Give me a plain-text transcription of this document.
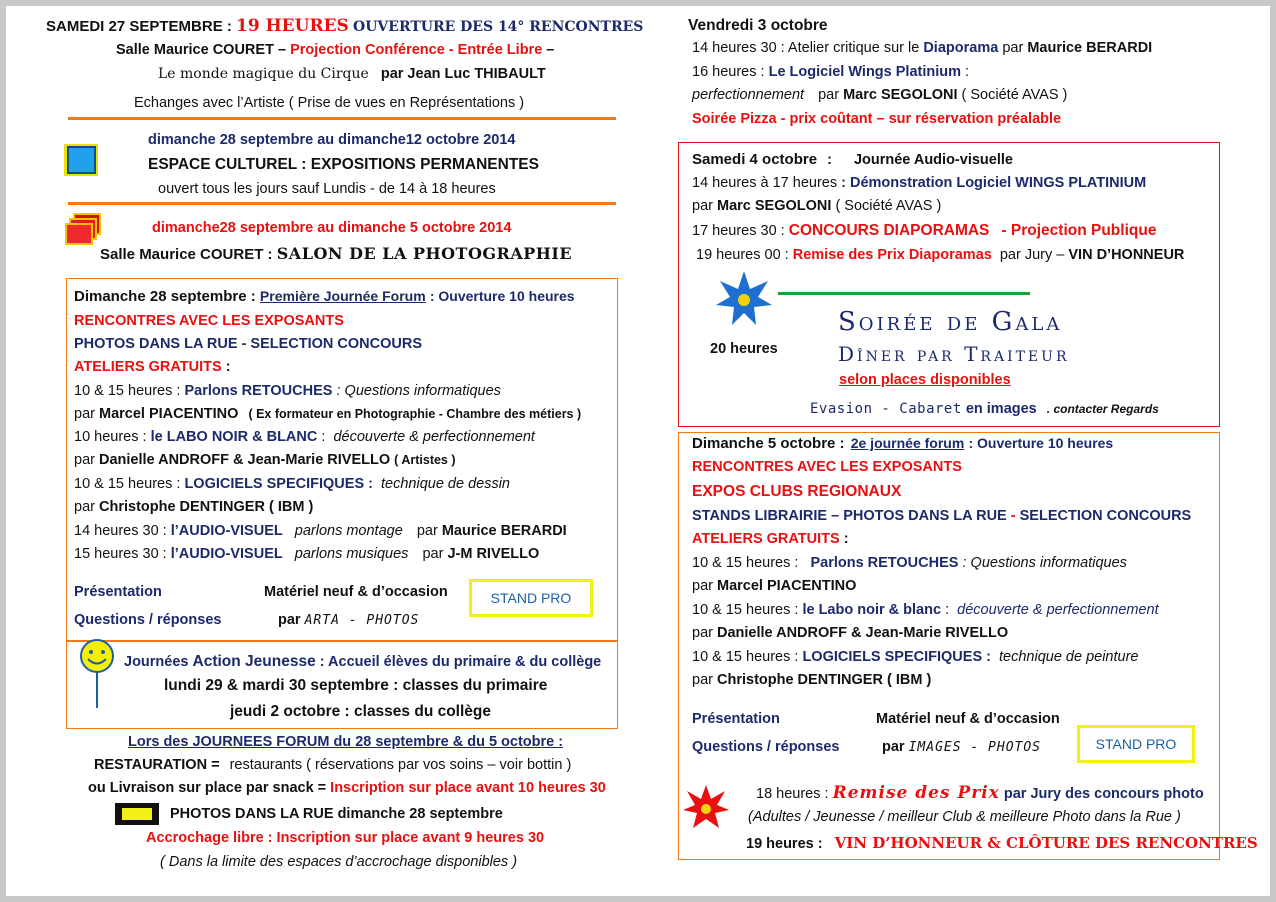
SAMEDI 27 SEPTEMBRE : 19 HEURES OUVERTURE DES 14° RENCONTRES
Salle Maurice COURET – Projection Conférence - Entrée Libre –
Le monde magique du Cirque par Jean Luc THIBAULT
Echanges avec l’Artiste ( Prise de vues en Représentations )
dimanche 28 septembre au dimanche12 octobre 2014
ESPACE CULTUREL : EXPOSITIONS PERMANENTES
ouvert tous les jours sauf Lundis - de 14 à 18 heures
dimanche28 septembre au dimanche 5 octobre 2014
Salle Maurice COURET : SALON DE LA PHOTOGRAPHIE
Dimanche 28 septembre : Première Journée Forum : Ouverture 10 heures
RENCONTRES AVEC LES EXPOSANTS
PHOTOS DANS LA RUE - SELECTION CONCOURS
ATELIERS GRATUITS :
10 & 15 heures : Parlons RETOUCHES : Questions informatiques
par Marcel PIACENTINO ( Ex formateur en Photographie - Chambre des métiers )
10 heures : le LABO NOIR & BLANC : découverte & perfectionnement
par Danielle ANDROFF & Jean-Marie RIVELLO ( Artistes )
10 & 15 heures : LOGICIELS SPECIFIQUES : technique de dessin
par Christophe DENTINGER ( IBM )
14 heures 30 : l’AUDIO-VISUEL parlons montage par Maurice BERARDI
15 heures 30 : l’AUDIO-VISUEL parlons musiques par J-M RIVELLO
Présentation
Questions / réponses
Matériel neuf & d’occasion
par ARTA - PHOTOS
STAND PRO
Journées Action Jeunesse : Accueil élèves du primaire & du collège
lundi 29 & mardi 30 septembre : classes du primaire
jeudi 2 octobre : classes du collège
Lors des JOURNEES FORUM du 28 septembre & du 5 octobre :
RESTAURATION = restaurants ( réservations par vos soins – voir bottin )
ou Livraison sur place par snack = Inscription sur place avant 10 heures 30
PHOTOS DANS LA RUE dimanche 28 septembre
Accrochage libre : Inscription sur place avant 9 heures 30
( Dans la limite des espaces d’accrochage disponibles )
Vendredi 3 octobre
14 heures 30 : Atelier critique sur le Diaporama par Maurice BERARDI
16 heures : Le Logiciel Wings Platinium :
perfectionnement par Marc SEGOLONI ( Société AVAS )
Soirée Pizza - prix coûtant – sur réservation préalable
Samedi 4 octobre : Journée Audio-visuelle
14 heures à 17 heures : Démonstration Logiciel WINGS PLATINIUM
par Marc SEGOLONI ( Société AVAS )
17 heures 30 : CONCOURS DIAPORAMAS - Projection Publique
19 heures 00 : Remise des Prix Diaporamas par Jury – VIN D’HONNEUR
Soirée de Gala
Dîner par Traiteur
20 heures
selon places disponibles
Evasion - Cabaret en images . contacter Regards
Dimanche 5 octobre : 2e journée forum : Ouverture 10 heures
RENCONTRES AVEC LES EXPOSANTS
EXPOS CLUBS REGIONAUX
STANDS LIBRAIRIE – PHOTOS DANS LA RUE - SELECTION CONCOURS
ATELIERS GRATUITS :
10 & 15 heures : Parlons RETOUCHES : Questions informatiques
par Marcel PIACENTINO
10 & 15 heures : le Labo noir & blanc : découverte & perfectionnement
par Danielle ANDROFF & Jean-Marie RIVELLO
10 & 15 heures : LOGICIELS SPECIFIQUES : technique de peinture
par Christophe DENTINGER ( IBM )
Présentation
Questions / réponses
Matériel neuf & d’occasion
par IMAGES - PHOTOS	STAND PRO
18 heures : Remise des Prix par Jury des concours photo
(Adultes / Jeunesse / meilleur Club & meilleure Photo dans la Rue )
19 heures : VIN D’HONNEUR & CLÔTURE DES RENCONTRES
